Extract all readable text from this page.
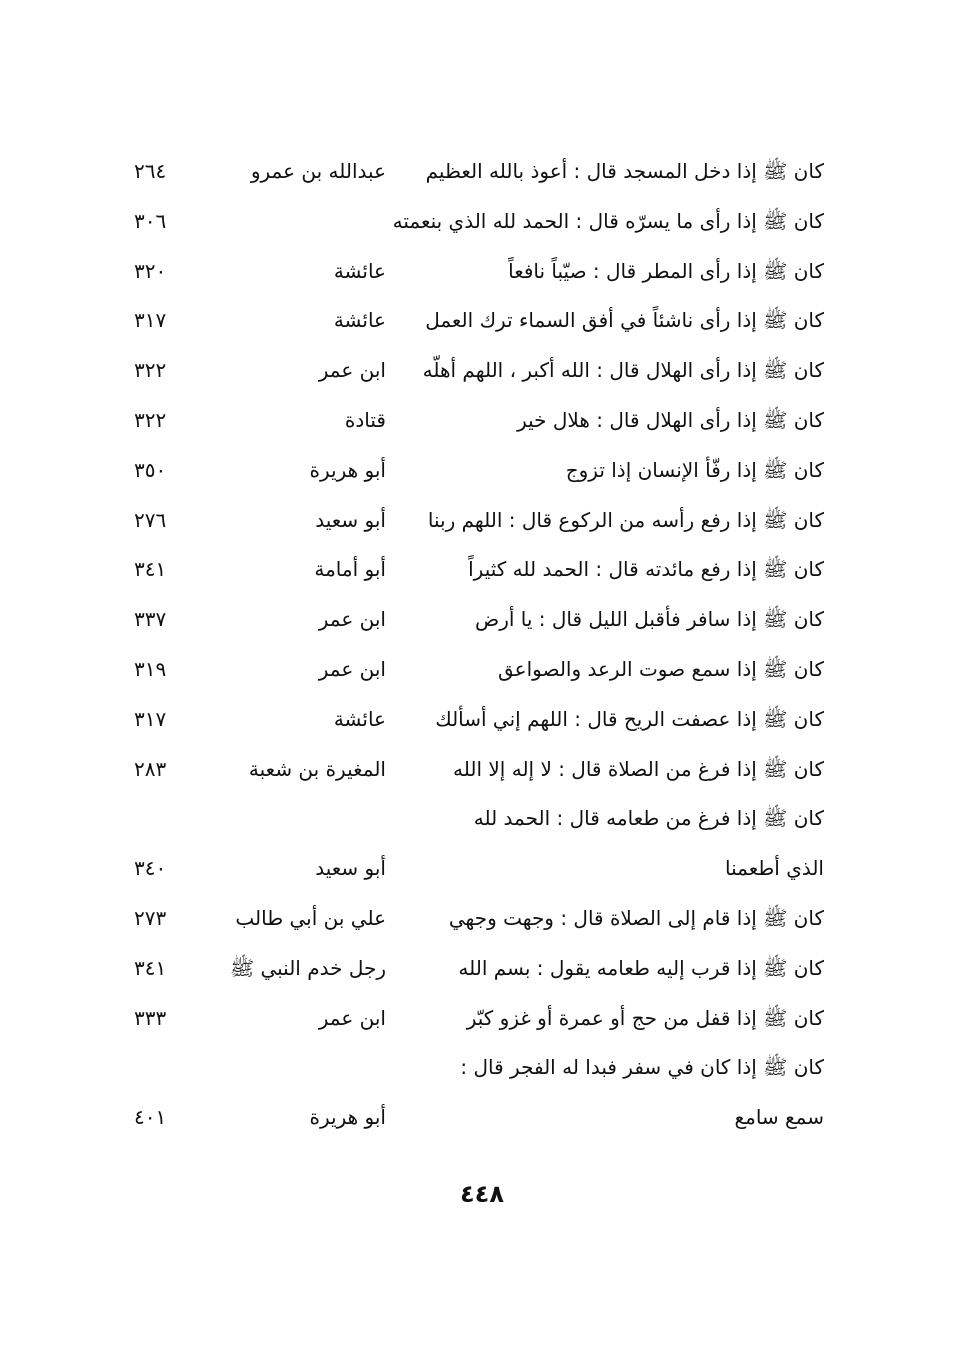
كان ﷺ إذا دخل المسجد قال : أعوذ بالله العظيم
عبدالله بن عمرو
٢٦٤
كان ﷺ إذا رأى ما يسرّه قال : الحمد لله الذي بنعمته
٣٠٦
كان ﷺ إذا رأى المطر قال : صيّباً نافعاً
عائشة
٣٢٠
كان ﷺ إذا رأى ناشئاً في أفق السماء ترك العمل
عائشة
٣١٧
كان ﷺ إذا رأى الهلال قال : الله أكبر ، اللهم أهلّه
ابن عمر
٣٢٢
كان ﷺ إذا رأى الهلال قال : هلال خير
قتادة
٣٢٢
كان ﷺ إذا رفّأ الإنسان إذا تزوج
أبو هريرة
٣٥٠
كان ﷺ إذا رفع رأسه من الركوع قال : اللهم ربنا
أبو سعيد
٢٧٦
كان ﷺ إذا رفع مائدته قال : الحمد لله كثيراً
أبو أمامة
٣٤١
كان ﷺ إذا سافر فأقبل الليل قال : يا أرض
ابن عمر
٣٣٧
كان ﷺ إذا سمع صوت الرعد والصواعق
ابن عمر
٣١٩
كان ﷺ إذا عصفت الريح قال : اللهم إني أسألك
عائشة
٣١٧
كان ﷺ إذا فرغ من الصلاة قال : لا إله إلا الله
المغيرة بن شعبة
٢٨٣
كان ﷺ إذا فرغ من طعامه قال : الحمد لله
الذي أطعمنا
أبو سعيد
٣٤٠
كان ﷺ إذا قام إلى الصلاة قال : وجهت وجهي
علي بن أبي طالب
٢٧٣
كان ﷺ إذا قرب إليه طعامه يقول : بسم الله
رجل خدم النبي ﷺ
٣٤١
كان ﷺ إذا قفل من حج أو عمرة أو غزو كبّر
ابن عمر
٣٣٣
كان ﷺ إذا كان في سفر فبدا له الفجر قال :
سمع سامع
أبو هريرة
٤٠١
٤٤٨
